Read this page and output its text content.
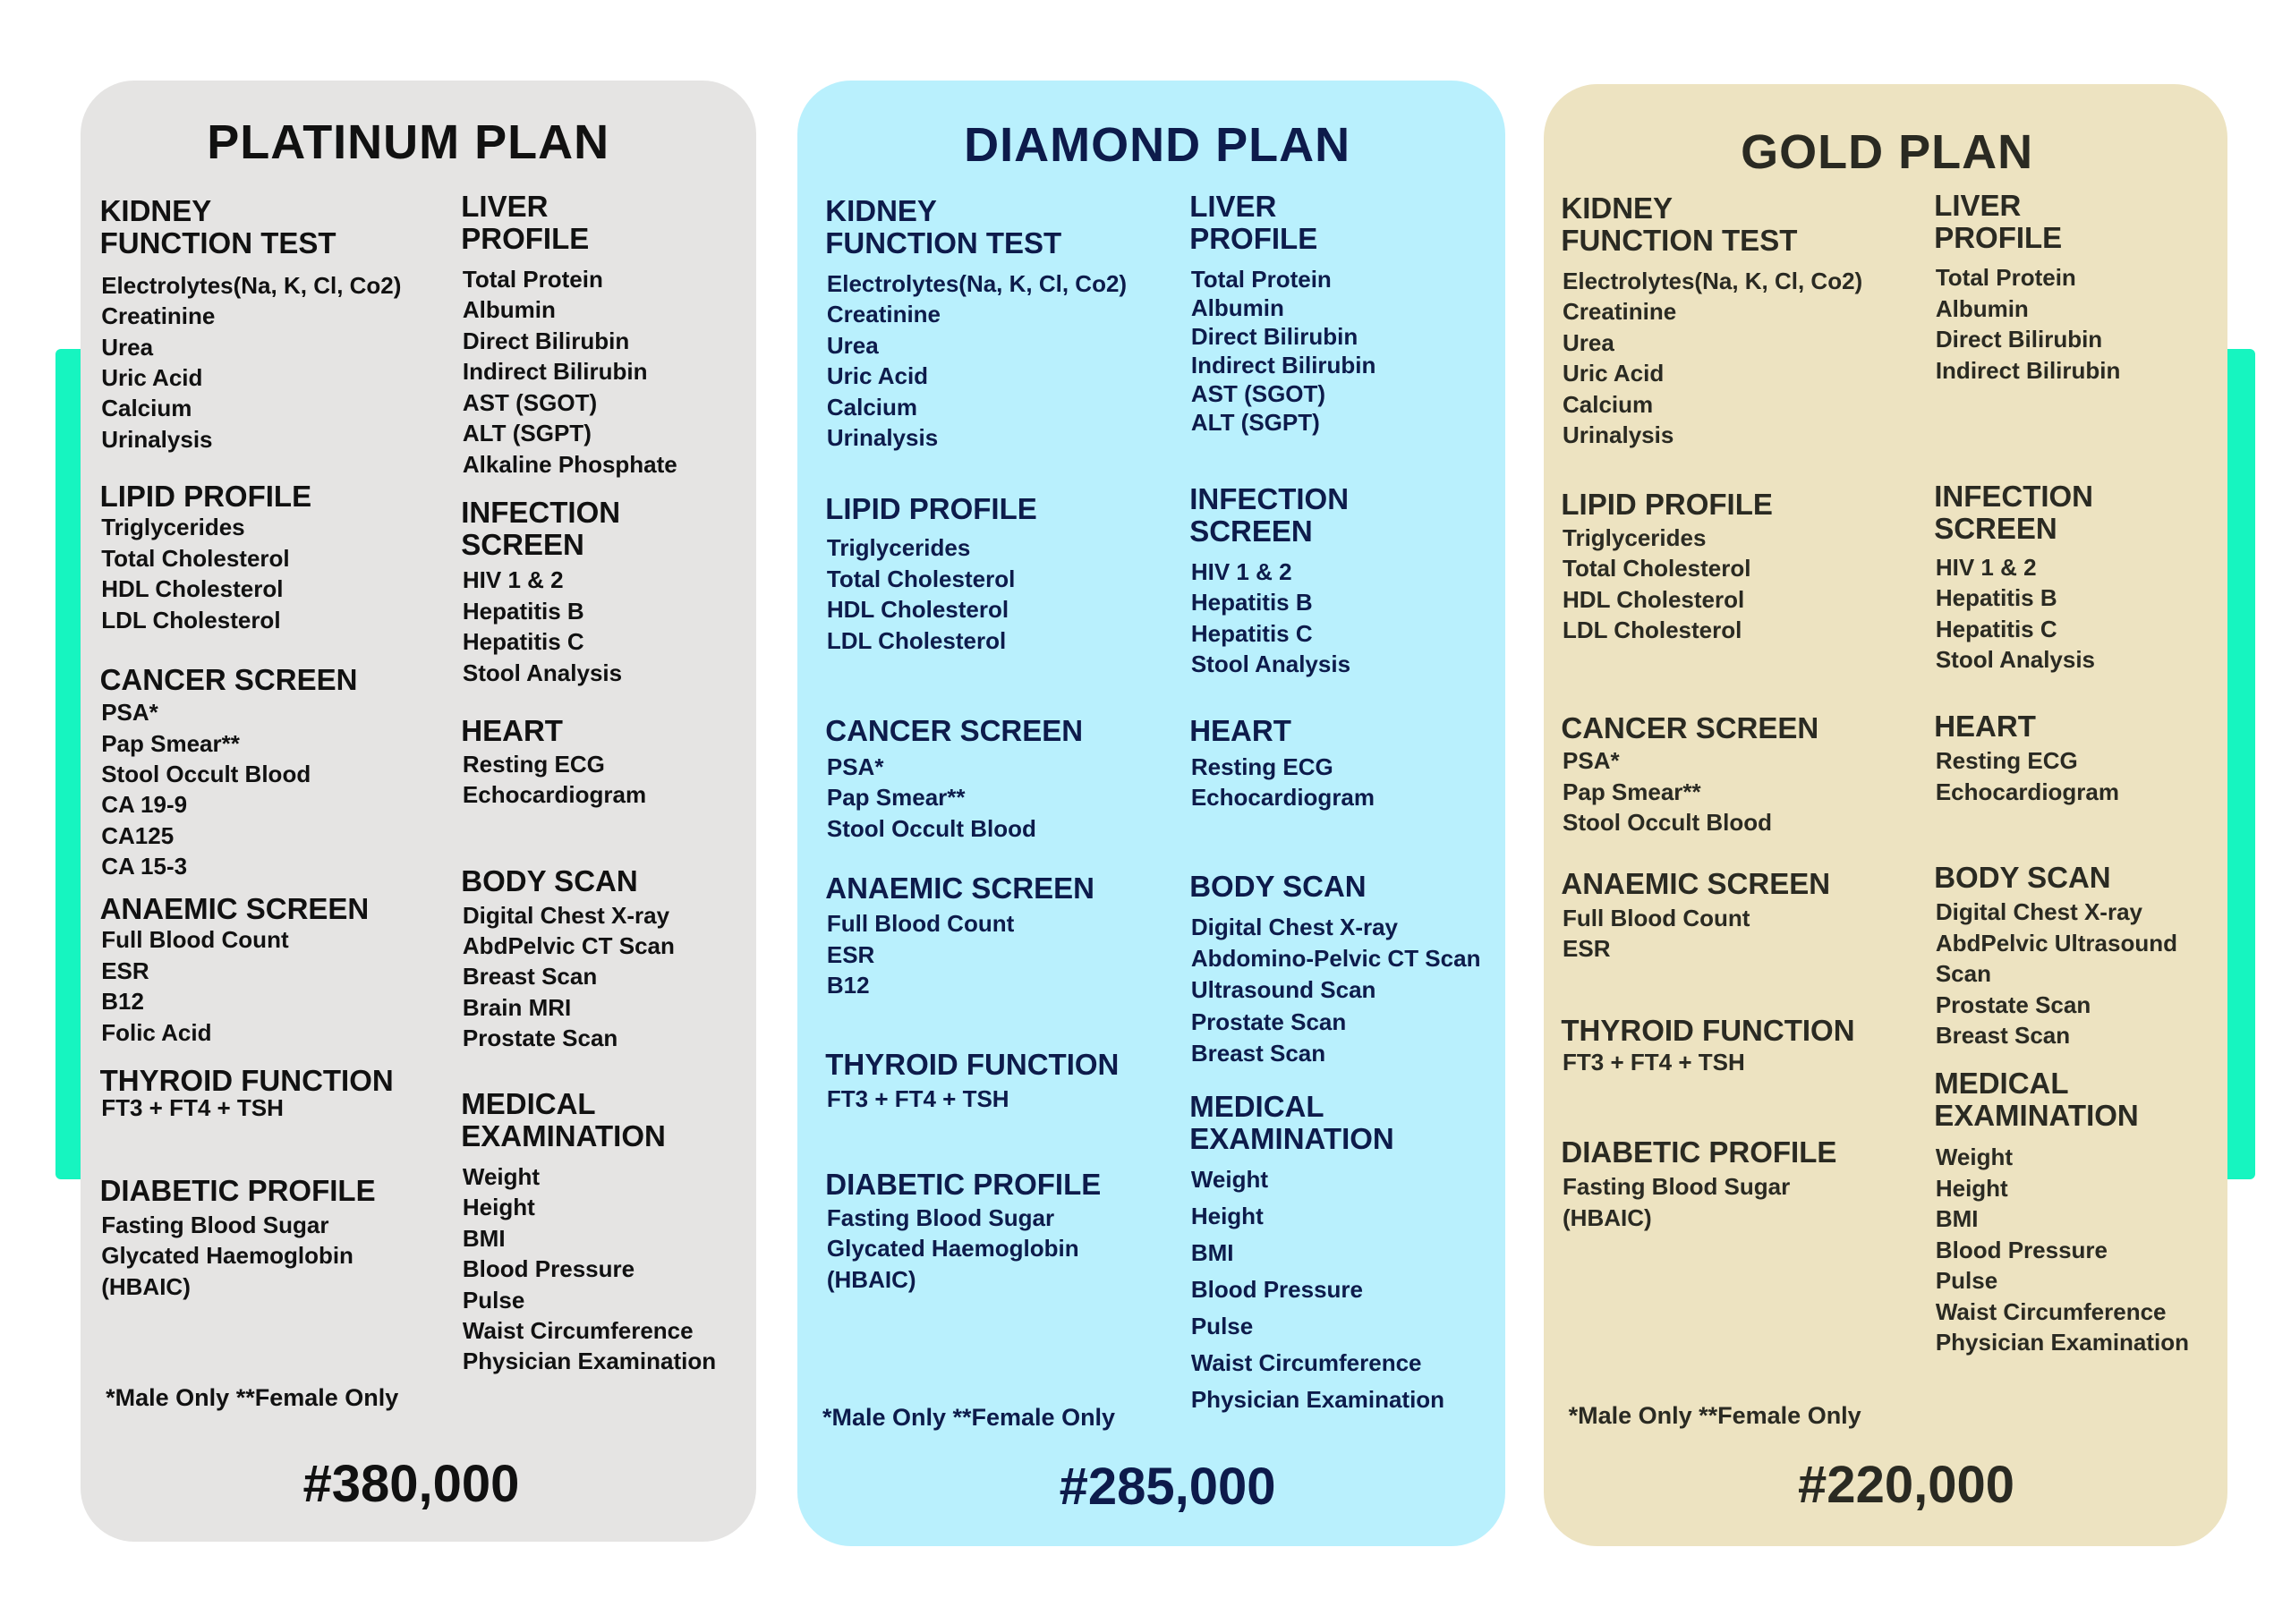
PLATINUM PLAN
#380,000
*Male Only **Female Only
KIDNEY
FUNCTION TEST
Electrolytes(Na, K, Cl, Co2)
Creatinine
Urea
Uric Acid
Calcium
Urinalysis
LIPID PROFILE
Triglycerides
Total Cholesterol
HDL Cholesterol
LDL Cholesterol
CANCER SCREEN
PSA*
Pap Smear**
Stool Occult Blood
CA 19-9
CA125
CA 15-3
ANAEMIC SCREEN
Full Blood Count
ESR
B12
Folic Acid
THYROID FUNCTION
FT3 + FT4 + TSH
DIABETIC PROFILE
Fasting Blood Sugar
Glycated Haemoglobin
(HBAIC)
LIVER
PROFILE
Total Protein
Albumin
Direct Bilirubin
Indirect Bilirubin
AST (SGOT)
ALT (SGPT)
Alkaline Phosphate
INFECTION
SCREEN
HIV 1 & 2
Hepatitis B
Hepatitis C
Stool Analysis
HEART
Resting ECG
Echocardiogram
BODY SCAN
Digital Chest X-ray
AbdPelvic CT Scan
Breast Scan
Brain MRI
Prostate Scan
MEDICAL
EXAMINATION
Weight
Height
BMI
Blood Pressure
Pulse
Waist Circumference
Physician Examination
DIAMOND PLAN
#285,000
*Male Only **Female Only
KIDNEY
FUNCTION TEST
Electrolytes(Na, K, Cl, Co2)
Creatinine
Urea
Uric Acid
Calcium
Urinalysis
LIPID PROFILE
Triglycerides
Total Cholesterol
HDL Cholesterol
LDL Cholesterol
CANCER SCREEN
PSA*
Pap Smear**
Stool Occult Blood
ANAEMIC SCREEN
Full Blood Count
ESR
B12
THYROID FUNCTION
FT3 + FT4 + TSH
DIABETIC PROFILE
Fasting Blood Sugar
Glycated Haemoglobin
(HBAIC)
LIVER
PROFILE
Total Protein
Albumin
Direct Bilirubin
Indirect Bilirubin
AST (SGOT)
ALT (SGPT)
INFECTION
SCREEN
HIV 1 & 2
Hepatitis B
Hepatitis C
Stool Analysis
HEART
Resting ECG
Echocardiogram
BODY SCAN
Digital Chest X-ray
Abdomino-Pelvic CT Scan
Ultrasound Scan
Prostate Scan
Breast Scan
MEDICAL
EXAMINATION
Weight
Height
BMI
Blood Pressure
Pulse
Waist Circumference
Physician Examination
GOLD PLAN
#220,000
*Male Only **Female Only
KIDNEY
FUNCTION TEST
Electrolytes(Na, K, Cl, Co2)
Creatinine
Urea
Uric Acid
Calcium
Urinalysis
LIPID PROFILE
Triglycerides
Total Cholesterol
HDL Cholesterol
LDL Cholesterol
CANCER SCREEN
PSA*
Pap Smear**
Stool Occult Blood
ANAEMIC SCREEN
Full Blood Count
ESR
THYROID FUNCTION
FT3 + FT4 + TSH
DIABETIC PROFILE
Fasting Blood Sugar
(HBAIC)
LIVER
PROFILE
Total Protein
Albumin
Direct Bilirubin
Indirect Bilirubin
INFECTION
SCREEN
HIV 1 & 2
Hepatitis B
Hepatitis C
Stool Analysis
HEART
Resting ECG
Echocardiogram
BODY SCAN
Digital Chest X-ray
AbdPelvic Ultrasound
Scan
Prostate Scan
Breast Scan
MEDICAL
EXAMINATION
Weight
Height
BMI
Blood Pressure
Pulse
Waist Circumference
Physician Examination
